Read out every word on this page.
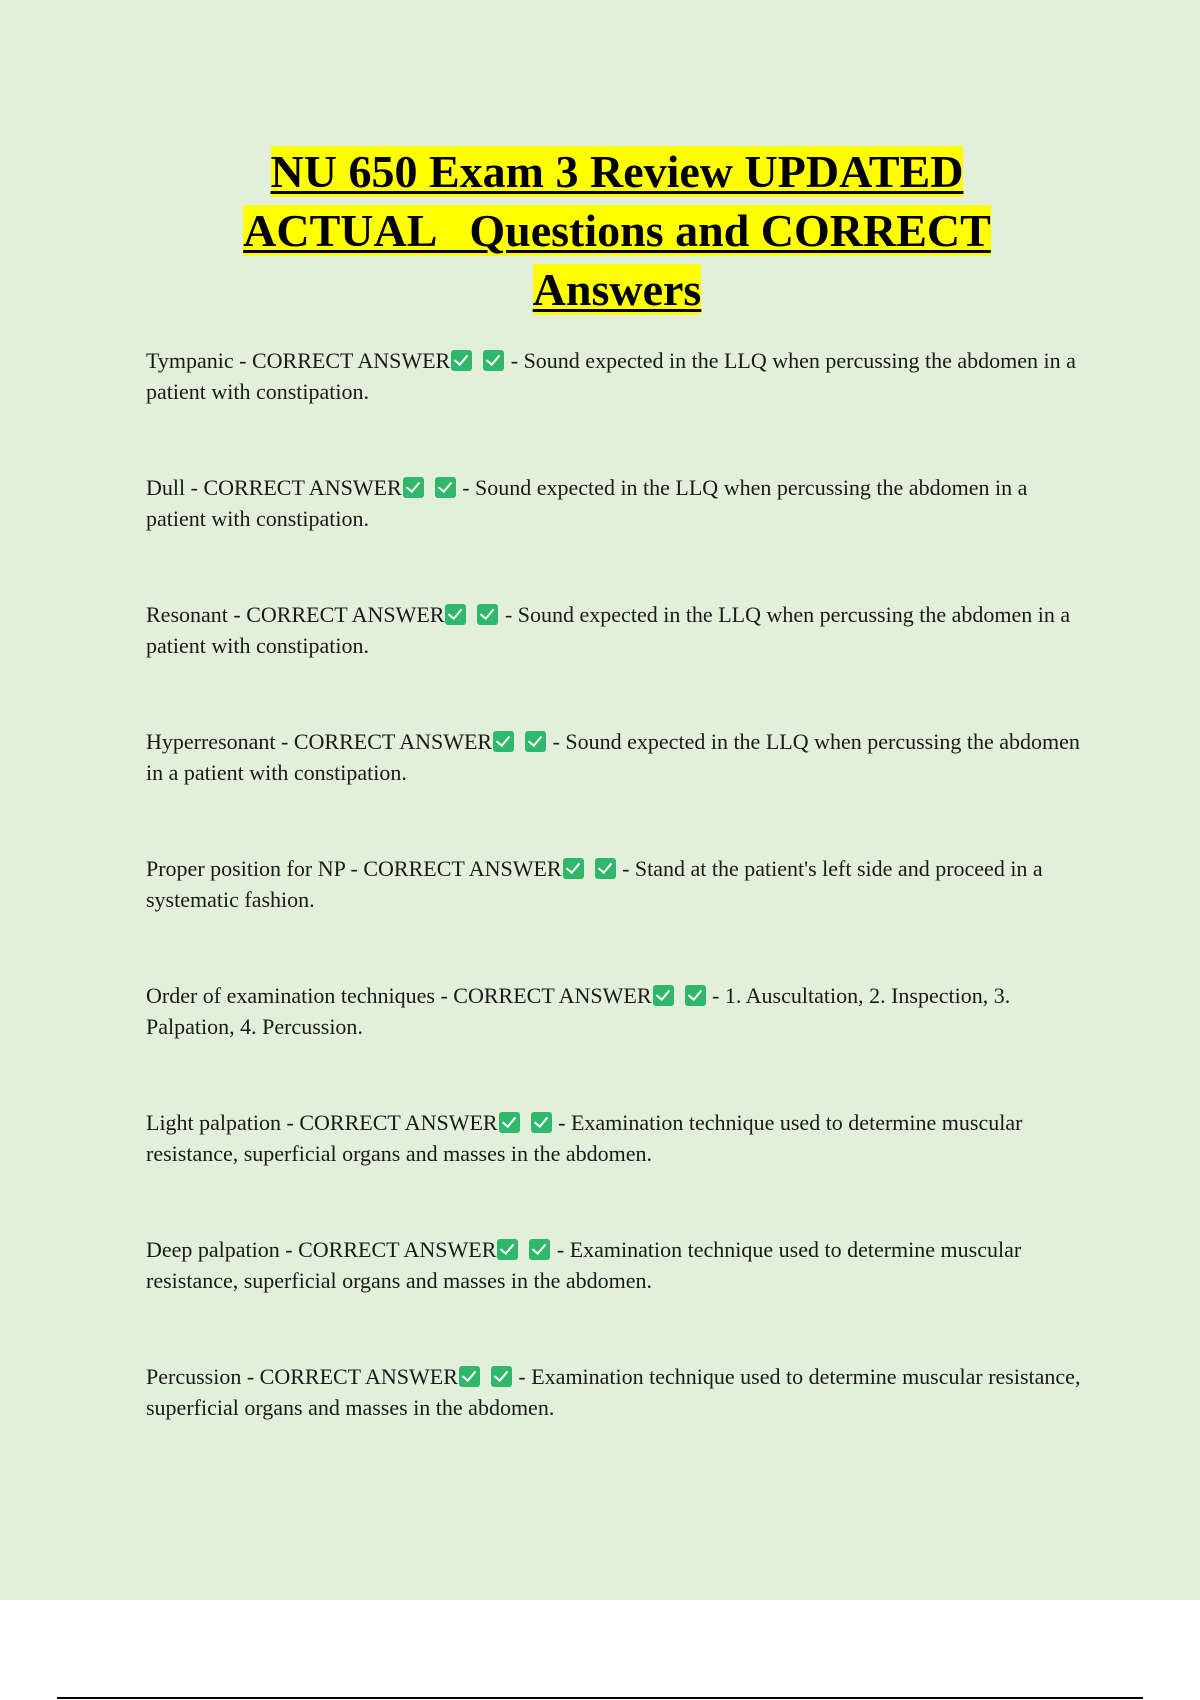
NU 650 Exam 3 Review UPDATED
ACTUAL   Questions and CORRECT
Answers
Tympanic - CORRECT ANSWER	- Sound expected in the LLQ when percussing the abdomen in a patient with constipation.
Dull - CORRECT ANSWER	- Sound expected in the LLQ when percussing the abdomen in a patient with constipation.
Resonant - CORRECT ANSWER	- Sound expected in the LLQ when percussing the abdomen in a patient with constipation.
Hyperresonant - CORRECT ANSWER	- Sound expected in the LLQ when percussing the abdomen in a patient with constipation.
Proper position for NP - CORRECT ANSWER	- Stand at the patient's left side and proceed in a systematic fashion.
Order of examination techniques - CORRECT ANSWER	- 1. Auscultation, 2. Inspection, 3. Palpation, 4. Percussion.
Light palpation - CORRECT ANSWER	- Examination technique used to determine muscular resistance, superficial organs and masses in the abdomen.
Deep palpation - CORRECT ANSWER	- Examination technique used to determine muscular resistance, superficial organs and masses in the abdomen.
Percussion - CORRECT ANSWER	- Examination technique used to determine muscular resistance, superficial organs and masses in the abdomen.
